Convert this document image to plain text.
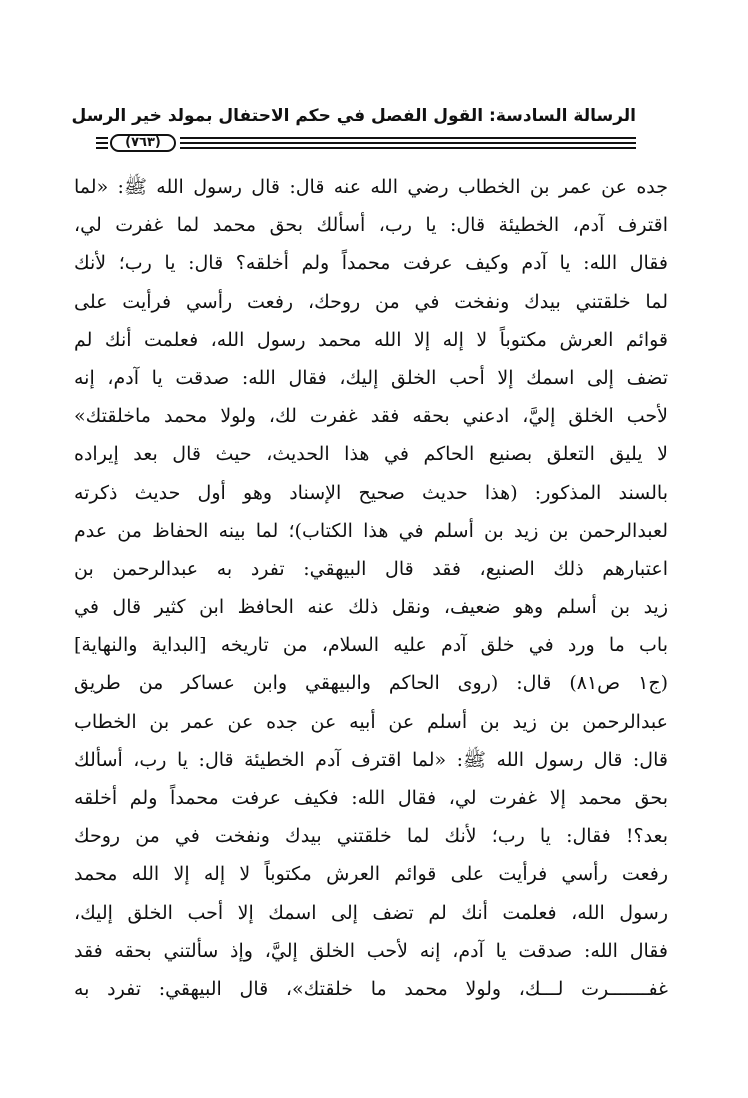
الرسالة السادسة: القول الفصل في حكم الاحتفال بمولد خير الرسل
(٧٦٣)
جده عن عمر بن الخطاب رضي الله عنه قال: قال رسول الله ﷺ: «لما
اقترف آدم، الخطيئة قال: يا رب، أسألك بحق محمد لما غفرت لي،
فقال الله: يا آدم وكيف عرفت محمداً ولم أخلقه؟ قال: يا رب؛ لأنك
لما خلقتني بيدك ونفخت في من روحك، رفعت رأسي فرأيت على
قوائم العرش مكتوباً لا إله إلا الله محمد رسول الله، فعلمت أنك لم
تضف إلى اسمك إلا أحب الخلق إليك، فقال الله: صدقت يا آدم، إنه
لأحب الخلق إليَّ، ادعني بحقه فقد غفرت لك، ولولا محمد ماخلقتك»
لا يليق التعلق بصنيع الحاكم في هذا الحديث، حيث قال بعد إيراده
بالسند المذكور: (هذا حديث صحيح الإسناد وهو أول حديث ذكرته
لعبدالرحمن بن زيد بن أسلم في هذا الكتاب)؛ لما بينه الحفاظ من عدم
اعتبارهم ذلك الصنيع، فقد قال البيهقي: تفرد به عبدالرحمن بن
زيد بن أسلم وهو ضعيف، ونقل ذلك عنه الحافظ ابن كثير قال في
باب ما ورد في خلق آدم عليه السلام، من تاريخه [البداية والنهاية]
(ج١ ص٨١) قال: (روى الحاكم والبيهقي وابن عساكر من طريق
عبدالرحمن بن زيد بن أسلم عن أبيه عن جده عن عمر بن الخطاب
قال: قال رسول الله ﷺ: «لما اقترف آدم الخطيئة قال: يا رب، أسألك
بحق محمد إلا غفرت لي، فقال الله: فكيف عرفت محمداً ولم أخلقه
بعد؟! فقال: يا رب؛ لأنك لما خلقتني بيدك ونفخت في من روحك
رفعت رأسي فرأيت على قوائم العرش مكتوباً لا إله إلا الله محمد
رسول الله، فعلمت أنك لم تضف إلى اسمك إلا أحب الخلق إليك،
فقال الله: صدقت يا آدم، إنه لأحب الخلق إليَّ، وإذ سألتني بحقه فقد
غفـــــــرت لـــك، ولولا محمد ما خلقتك»، قال البيهقي: تفرد به
